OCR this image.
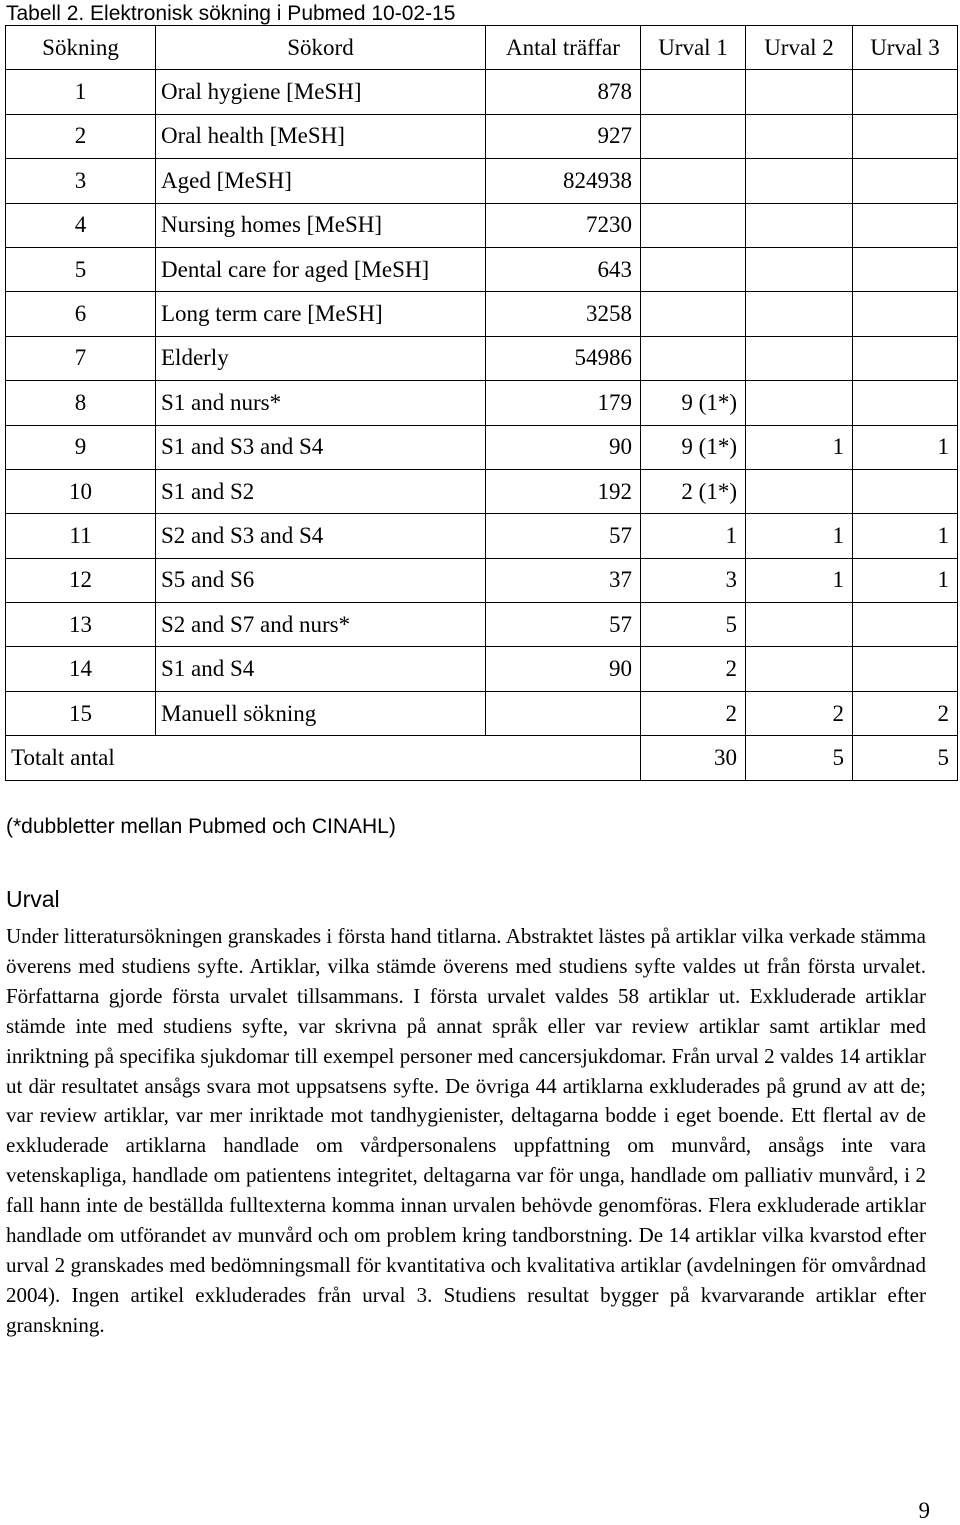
Tabell 2. Elektronisk sökning i Pubmed 10-02-15
Sökning	Sökord	Antal träffar	Urval 1	Urval 2	Urval 3
1	Oral hygiene [MeSH]	878			
2	Oral health [MeSH]	927			
3	Aged [MeSH]	824938			
4	Nursing homes [MeSH]	7230			
5	Dental care for aged [MeSH]	643			
6	Long term care [MeSH]	3258			
7	Elderly	54986			
8	S1 and nurs*	179	9 (1*)		
9	S1 and S3 and S4	90	9 (1*)	1	1
10	S1 and S2	192	2 (1*)		
11	S2 and S3 and S4	57	1	1	1
12	S5 and S6	37	3	1	1
13	S2 and S7 and nurs*	57	5		
14	S1 and S4	90	2		
15	Manuell sökning		2	2	2
Totalt antal			30	5	5
(*dubbletter mellan Pubmed och CINAHL)
Urval

Under litteratursökningen granskades i första hand titlarna. Abstraktet lästes på artiklar vilka verkade stämma överens med studiens syfte. Artiklar, vilka stämde överens med studiens syfte valdes ut från första urvalet. Författarna gjorde första urvalet tillsammans. I första urvalet valdes 58 artiklar ut. Exkluderade artiklar stämde inte med studiens syfte, var skrivna på annat språk eller var review artiklar samt artiklar med inriktning på specifika sjukdomar till exempel personer med cancersjukdomar. Från urval 2 valdes 14 artiklar ut där resultatet ansågs svara mot uppsatsens syfte. De övriga 44 artiklarna exkluderades på grund av att de; var review artiklar, var mer inriktade mot tandhygienister, deltagarna bodde i eget boende. Ett flertal av de exkluderade artiklarna handlade om vårdpersonalens uppfattning om munvård, ansågs inte vara vetenskapliga, handlade om patientens integritet, deltagarna var för unga, handlade om palliativ munvård, i 2 fall hann inte de beställda fulltexterna komma innan urvalen behövde genomföras. Flera exkluderade artiklar handlade om utförandet av munvård och om problem kring tandborstning. De 14 artiklar vilka kvarstod efter urval 2 granskades med bedömningsmall för kvantitativa och kvalitativa artiklar (avdelningen för omvårdnad 2004). Ingen artikel exkluderades från urval 3. Studiens resultat bygger på kvarvarande artiklar efter granskning.

9
